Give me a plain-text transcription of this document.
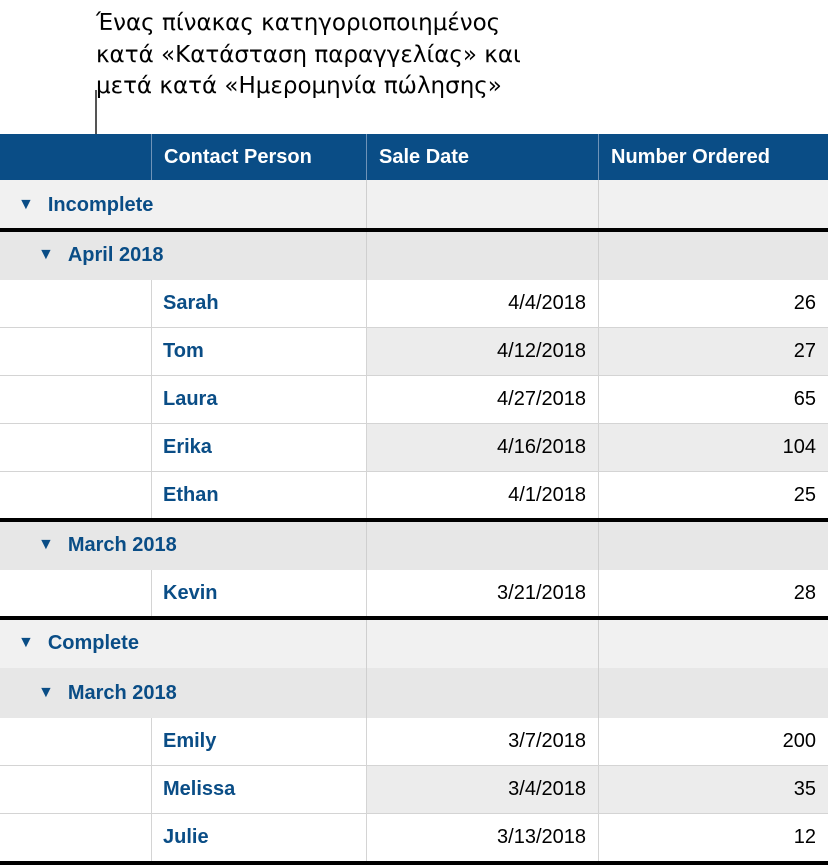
Ένας πίνακας κατηγοριοποιημένος
κατά «Κατάσταση παραγγελίας» και
μετά κατά «Ημερομηνία πώλησης»
Contact Person	Sale Date	Number Ordered
▼ Incomplete
▼ April 2018
Sarah	4/4/2018	26
Tom	4/12/2018	27
Laura	4/27/2018	65
Erika	4/16/2018	104
Ethan	4/1/2018	25
▼ March 2018
Kevin	3/21/2018	28
▼ Complete
▼ March 2018
Emily	3/7/2018	200
Melissa	3/4/2018	35
Julie	3/13/2018	12
